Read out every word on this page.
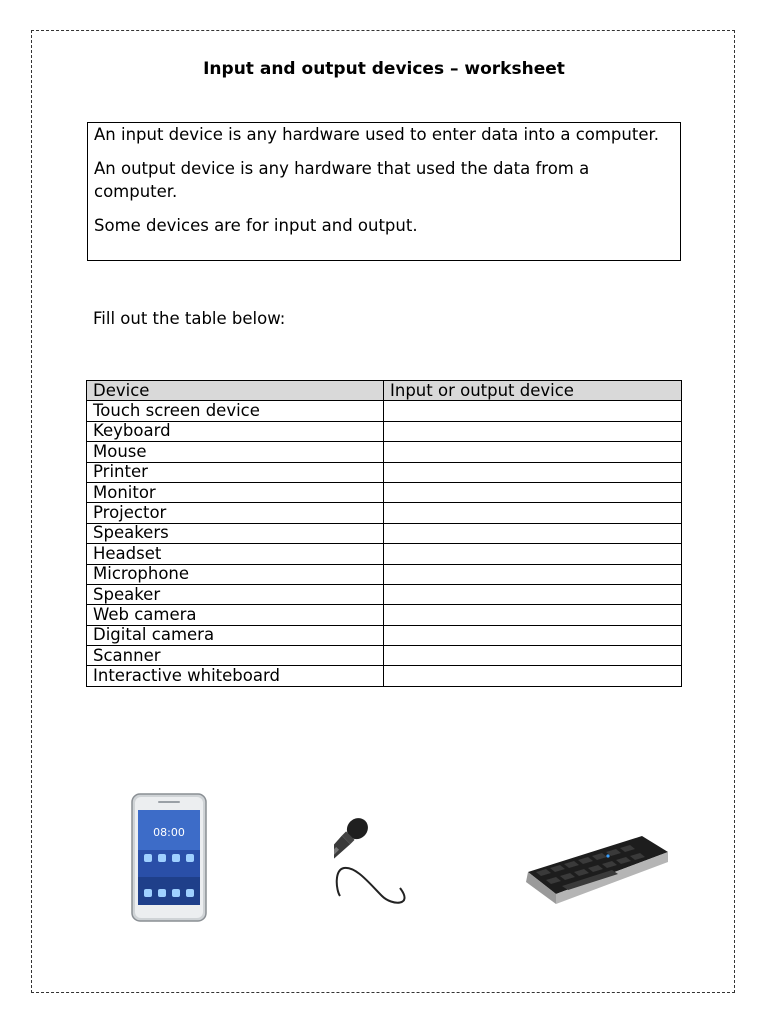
Input and output devices – worksheet

An input device is any hardware used to enter data into a computer.

An output device is any hardware that used the data from a computer.

Some devices are for input and output.

Fill out the table below:
Device	Input or output device
Touch screen device	
Keyboard	
Mouse	
Printer	
Monitor	
Projector	
Speakers	
Headset	
Microphone	
Speaker	
Web camera	
Digital camera	
Scanner	
Interactive whiteboard	
08:00
